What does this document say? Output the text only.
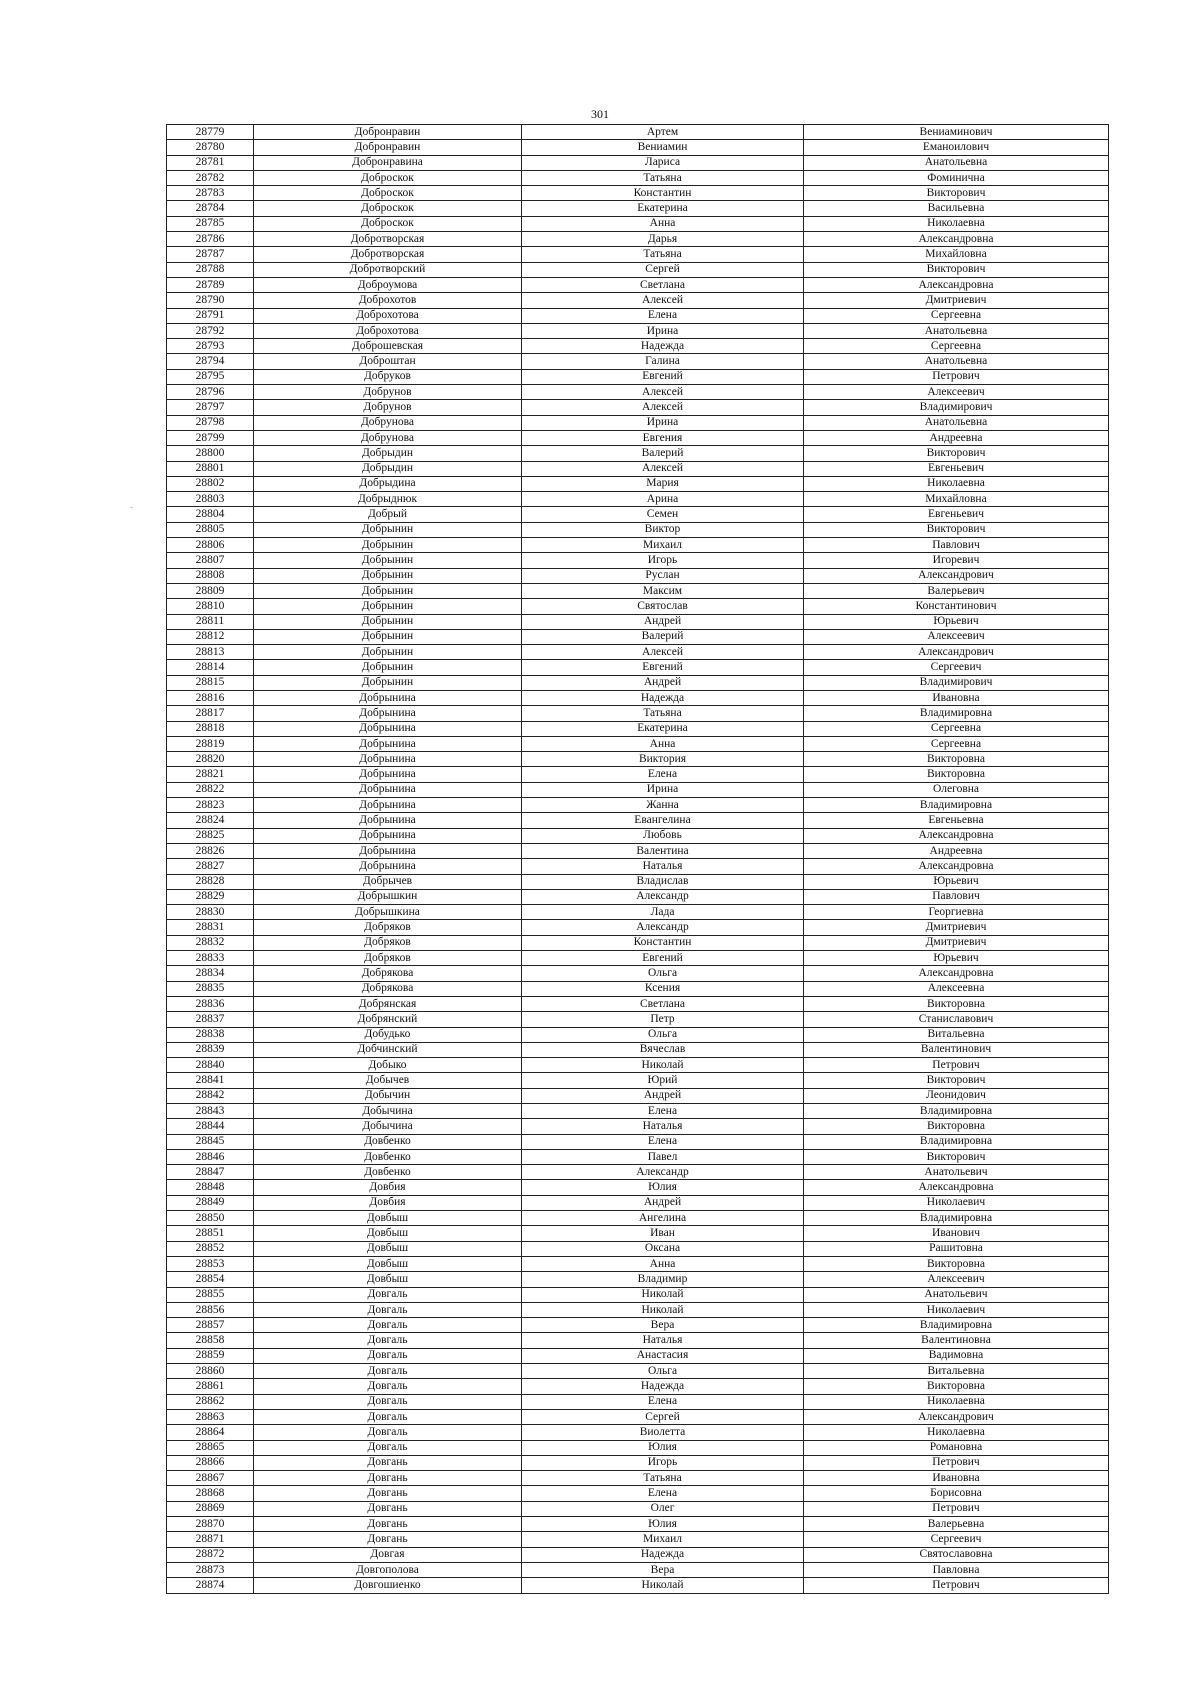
301
-
28779	Добронравин	Артем	Вениаминович
28780	Добронравин	Вениамин	Еманоилович
28781	Добронравина	Лариса	Анатольевна
28782	Доброскок	Татьяна	Фоминична
28783	Доброскок	Константин	Викторович
28784	Доброскок	Екатерина	Васильевна
28785	Доброскок	Анна	Николаевна
28786	Добротворская	Дарья	Александровна
28787	Добротворская	Татьяна	Михайловна
28788	Добротворский	Сергей	Викторович
28789	Доброумова	Светлана	Александровна
28790	Доброхотов	Алексей	Дмитриевич
28791	Доброхотова	Елена	Сергеевна
28792	Доброхотова	Ирина	Анатольевна
28793	Доброшевская	Надежда	Сергеевна
28794	Доброштан	Галина	Анатольевна
28795	Добруков	Евгений	Петрович
28796	Добрунов	Алексей	Алексеевич
28797	Добрунов	Алексей	Владимирович
28798	Добрунова	Ирина	Анатольевна
28799	Добрунова	Евгения	Андреевна
28800	Добрыдин	Валерий	Викторович
28801	Добрыдин	Алексей	Евгеньевич
28802	Добрыдина	Мария	Николаевна
28803	Добрыднюк	Арина	Михайловна
28804	Добрый	Семен	Евгеньевич
28805	Добрынин	Виктор	Викторович
28806	Добрынин	Михаил	Павлович
28807	Добрынин	Игорь	Игоревич
28808	Добрынин	Руслан	Александрович
28809	Добрынин	Максим	Валерьевич
28810	Добрынин	Святослав	Константинович
28811	Добрынин	Андрей	Юрьевич
28812	Добрынин	Валерий	Алексеевич
28813	Добрынин	Алексей	Александрович
28814	Добрынин	Евгений	Сергеевич
28815	Добрынин	Андрей	Владимирович
28816	Добрынина	Надежда	Ивановна
28817	Добрынина	Татьяна	Владимировна
28818	Добрынина	Екатерина	Сергеевна
28819	Добрынина	Анна	Сергеевна
28820	Добрынина	Виктория	Викторовна
28821	Добрынина	Елена	Викторовна
28822	Добрынина	Ирина	Олеговна
28823	Добрынина	Жанна	Владимировна
28824	Добрынина	Евангелина	Евгеньевна
28825	Добрынина	Любовь	Александровна
28826	Добрынина	Валентина	Андреевна
28827	Добрынина	Наталья	Александровна
28828	Добрычев	Владислав	Юрьевич
28829	Добрышкин	Александр	Павлович
28830	Добрышкина	Лада	Георгиевна
28831	Добряков	Александр	Дмитриевич
28832	Добряков	Константин	Дмитриевич
28833	Добряков	Евгений	Юрьевич
28834	Добрякова	Ольга	Александровна
28835	Добрякова	Ксения	Алексеевна
28836	Добрянская	Светлана	Викторовна
28837	Добрянский	Петр	Станиславович
28838	Добудько	Ольга	Витальевна
28839	Добчинский	Вячеслав	Валентинович
28840	Добыко	Николай	Петрович
28841	Добычев	Юрий	Викторович
28842	Добычин	Андрей	Леонидович
28843	Добычина	Елена	Владимировна
28844	Добычина	Наталья	Викторовна
28845	Довбенко	Елена	Владимировна
28846	Довбенко	Павел	Викторович
28847	Довбенко	Александр	Анатольевич
28848	Довбия	Юлия	Александровна
28849	Довбия	Андрей	Николаевич
28850	Довбыш	Ангелина	Владимировна
28851	Довбыш	Иван	Иванович
28852	Довбыш	Оксана	Рашитовна
28853	Довбыш	Анна	Викторовна
28854	Довбыш	Владимир	Алексеевич
28855	Довгаль	Николай	Анатольевич
28856	Довгаль	Николай	Николаевич
28857	Довгаль	Вера	Владимировна
28858	Довгаль	Наталья	Валентиновна
28859	Довгаль	Анастасия	Вадимовна
28860	Довгаль	Ольга	Витальевна
28861	Довгаль	Надежда	Викторовна
28862	Довгаль	Елена	Николаевна
28863	Довгаль	Сергей	Александрович
28864	Довгаль	Виолетта	Николаевна
28865	Довгаль	Юлия	Романовна
28866	Довгань	Игорь	Петрович
28867	Довгань	Татьяна	Ивановна
28868	Довгань	Елена	Борисовна
28869	Довгань	Олег	Петрович
28870	Довгань	Юлия	Валерьевна
28871	Довгань	Михаил	Сергеевич
28872	Довгая	Надежда	Святославовна
28873	Довгополова	Вера	Павловна
28874	Довгошиенко	Николай	Петрович
